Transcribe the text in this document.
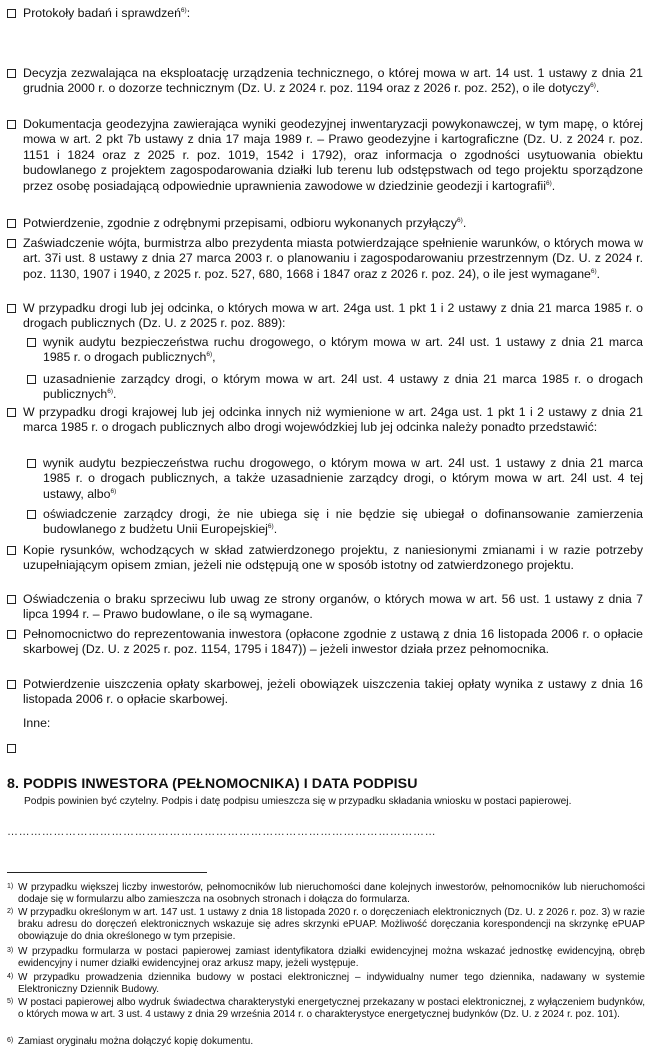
Protokoły badań i sprawdzeń$^{6)}$:
Decyzja zezwalająca na eksploatację urządzenia technicznego, o której mowa w art. 14 ust. 1 ustawy z dnia 21 grudnia 2000 r. o dozorze technicznym (Dz. U. z 2024 r. poz. 1194 oraz z 2026 r. poz. 252), o ile dotyczy$^{6)}$.
Dokumentacja geodezyjna zawierająca wyniki geodezyjnej inwentaryzacji powykonawczej, w tym mapę, o której mowa w art. 2 pkt 7b ustawy z dnia 17 maja 1989 r. – Prawo geodezyjne i kartograficzne (Dz. U. z 2024 r. poz. 1151 i 1824 oraz z 2025 r. poz. 1019, 1542 i 1792), oraz informacja o zgodności usytuowania obiektu budowlanego z projektem zagospodarowania działki lub terenu lub odstępstwach od tego projektu sporządzone przez osobę posiadającą odpowiednie uprawnienia zawodowe w dziedzinie geodezji i kartografii$^{6)}$.
Potwierdzenie, zgodnie z odrębnymi przepisami, odbioru wykonanych przyłączy$^{6)}$.
Zaświadczenie wójta, burmistrza albo prezydenta miasta potwierdzające spełnienie warunków, o których mowa w art. 37i ust. 8 ustawy z dnia 27 marca 2003 r. o planowaniu i zagospodarowaniu przestrzennym (Dz. U. z 2024 r. poz. 1130, 1907 i 1940, z 2025 r. poz. 527, 680, 1668 i 1847 oraz z 2026 r. poz. 24), o ile jest wymagane$^{6)}$.
W przypadku drogi lub jej odcinka, o których mowa w art. 24ga ust. 1 pkt 1 i 2 ustawy z dnia 21 marca 1985 r. o drogach publicznych (Dz. U. z 2025 r. poz. 889):
wynik audytu bezpieczeństwa ruchu drogowego, o którym mowa w art. 24l ust. 1 ustawy z dnia 21 marca 1985 r. o drogach publicznych$^{6)}$,
uzasadnienie zarządcy drogi, o którym mowa w art. 24l ust. 4 ustawy z dnia 21 marca 1985 r. o drogach publicznych$^{6)}$.
W przypadku drogi krajowej lub jej odcinka innych niż wymienione w art. 24ga ust. 1 pkt 1 i 2 ustawy z dnia 21 marca 1985 r. o drogach publicznych albo drogi wojewódzkiej lub jej odcinka należy ponadto przedstawić:
wynik audytu bezpieczeństwa ruchu drogowego, o którym mowa w art. 24l ust. 1 ustawy z dnia 21 marca 1985 r. o drogach publicznych, a także uzasadnienie zarządcy drogi, o którym mowa w art. 24l ust. 4 tej ustawy, albo$^{6)}$
oświadczenie zarządcy drogi, że nie ubiega się i nie będzie się ubiegał o dofinansowanie zamierzenia budowlanego z budżetu Unii Europejskiej$^{6)}$.
Kopie rysunków, wchodzących w skład zatwierdzonego projektu, z naniesionymi zmianami i w razie potrzeby uzupełniającym opisem zmian, jeżeli nie odstępują one w sposób istotny od zatwierdzonego projektu.
Oświadczenia o braku sprzeciwu lub uwag ze strony organów, o których mowa w art. 56 ust. 1 ustawy z dnia 7 lipca 1994 r. – Prawo budowlane, o ile są wymagane.
Pełnomocnictwo do reprezentowania inwestora (opłacone zgodnie z ustawą z dnia 16 listopada 2006 r. o opłacie skarbowej (Dz. U. z 2025 r. poz. 1154, 1795 i 1847)) – jeżeli inwestor działa przez pełnomocnika.
Potwierdzenie uiszczenia opłaty skarbowej, jeżeli obowiązek uiszczenia takiej opłaty wynika z ustawy z dnia 16 listopada 2006 r. o opłacie skarbowej.
Inne:
8. PODPIS INWESTORA (PEŁNOMOCNIKA) I DATA PODPISU
Podpis powinien być czytelny. Podpis i datę podpisu umieszcza się w przypadku składania wniosku w postaci papierowej.
…………………………………………………………………………………………………
1) W przypadku większej liczby inwestorów, pełnomocników lub nieruchomości dane kolejnych inwestorów, pełnomocników lub nieruchomości dodaje się w formularzu albo zamieszcza na osobnych stronach i dołącza do formularza.
2) W przypadku określonym w art. 147 ust. 1 ustawy z dnia 18 listopada 2020 r. o doręczeniach elektronicznych (Dz. U. z 2026 r. poz. 3) w razie braku adresu do doręczeń elektronicznych wskazuje się adres skrzynki ePUAP. Możliwość doręczania korespondencji na skrzynkę ePUAP obowiązuje do dnia określonego w tym przepisie.
3) W przypadku formularza w postaci papierowej zamiast identyfikatora działki ewidencyjnej można wskazać jednostkę ewidencyjną, obręb ewidencyjny i numer działki ewidencyjnej oraz arkusz mapy, jeżeli występuje.
4) W przypadku prowadzenia dziennika budowy w postaci elektronicznej – indywidualny numer tego dziennika, nadawany w systemie Elektroniczny Dziennik Budowy.
5) W postaci papierowej albo wydruk świadectwa charakterystyki energetycznej przekazany w postaci elektronicznej, z wyłączeniem budynków, o których mowa w art. 3 ust. 4 ustawy z dnia 29 września 2014 r. o charakterystyce energetycznej budynków (Dz. U. z 2024 r. poz. 101).
6) Zamiast oryginału można dołączyć kopię dokumentu.
